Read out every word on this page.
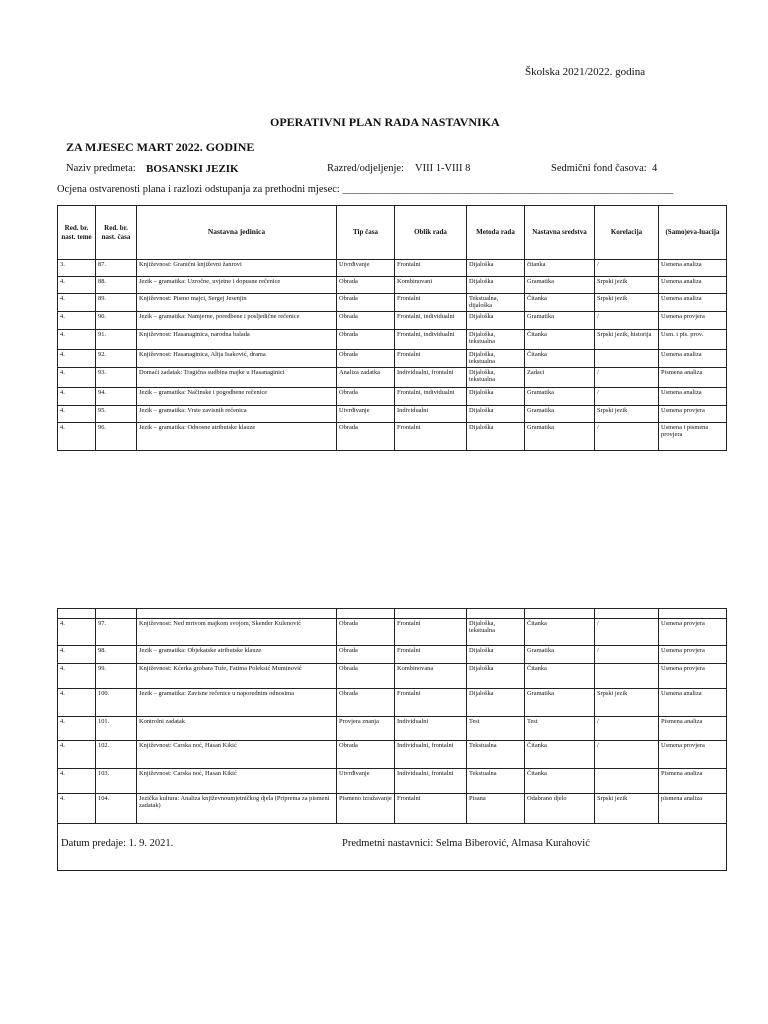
Školska 2021/2022. godina
OPERATIVNI PLAN RADA NASTAVNIKA
ZA MJESEC MART 2022. GODINE
Naziv predmeta: BOSANSKI JEZIK	Razred/odjeljenje: VIII 1-VIII 8	Sedmični fond časova: 4
Ocjena ostvarenosti plana i razlozi odstupanja za prethodni mjesec: _______________________________________________________________
Red. br. nast. teme	Red. br. nast. časa	Nastavna jedinica	Tip časa	Oblik rada	Metoda rada	Nastavna sredstva	Korelacija	(Samo)eva-luacija
3.	87.	Književnost: Granični književni žanrovi	Utvrđivanje	Frontalni	Dijaloška	čitanka	/	Usmena analiza
4.	88.	Jezik – gramatika: Uzročne, uvjetne i dopusne rečenice	Obrada	Kombinovani	Dijaloška	Gramatika	Srpski jezik	Usmena analiza
4.	89.	Književnost: Pismo majci, Sergej Jesenjin	Obrada	Frontalni	Tekstualna, dijaloška	Čitanka	Srpski jezik	Usmena analiza
4.	90.	Jezik – gramatika: Namjerne, poredbene i posljedične rečenice	Obrada	Frontalni, individualni	Dijaloška	Gramatika	/	Usmena provjera
4.	91.	Književnost: Hasanaginica, narodna balada	Obrada	Frontalni, individualni	Dijaloška, tekstualna	Čitanka	Srpski jezik, historija	Usm. i pis. prov.
4.	92.	Književnost: Hasanaginica, Alija Isaković, drama	Obrada	Frontalni	Dijaloška, tekstualna	Čitanka		Usmena analiza
4.	93.	Domaći zadatak: Tragična sudbina majke u Hasanaginici	Analiza zadatka	Individualni, frontalni	Dijaloška, tekstualna	Zadaci	/	Pismena analiza
4.	94.	Jezik – gramatika: Načinske i pogodbene rečenice	Obrada	Frontalni, individualni	Dijaloška	Gramatika	/	Usmena analiza
4.	95.	Jezik – gramatika: Vrste zavisnih rečenica	Utvrđivanje	Individualni	Dijaloška	Gramatika	Srpski jezik	Usmena provjera
4.	96.	Jezik – gramatika: Odnosne atributske klauze	Obrada	Frontalni	Dijaloška	Gramatika	/	Usmena i pismena provjera

4.	97.	Književnost: Ned mrtvom majkom svojom, Skender Kulenović	Obrada	Frontalni	Dijaloška, tekstualna	Čitanka	/	Usmena provjera
4.	98.	Jezik – gramatika: Objekatske atributske klauze	Obrada	Frontalni	Dijaloška	Gramatika	/	Usmena provjera
4.	99.	Književnost: Kćerka grobara Tufe, Fatima Poleksić Muminović	Obrada	Kombinovana	Dijaloška	Čitanka		Usmena provjera
4.	100.	Jezik – gramatika: Zavisne rečenice u naporednim odnosima	Obrada	Frontalni	Dijaloška	Gramatika	Srpski jezik	Usmena analiza
4.	101.	Kontrolni zadatak	Provjera znanja	Individualni	Test	Test	/	Pismena analiza
4.	102.	Književnost: Carska noć, Hasan Kikić	Obrada	Individualni, frontalni	Tekstualna	Čitanka	/	Usmena provjera
4.	103.	Književnost: Carska noć, Hasan Kikić	Utvrđivanje	Individualni, frontalni	Tekstualna	Čitanka		Pismena analiza
4.	104.	Jezička kultura: Analiza književnoumjetničkog djela (Priprema za pismeni zadatak)	Pismeno izražavanje	Frontalni	Pisana	Odabrano djelo	Srpski jezik	pismena analiza

Datum predaje: 1. 9. 2021. Predmetni nastavnici: Selma Biberović, Almasa Kurahović								
